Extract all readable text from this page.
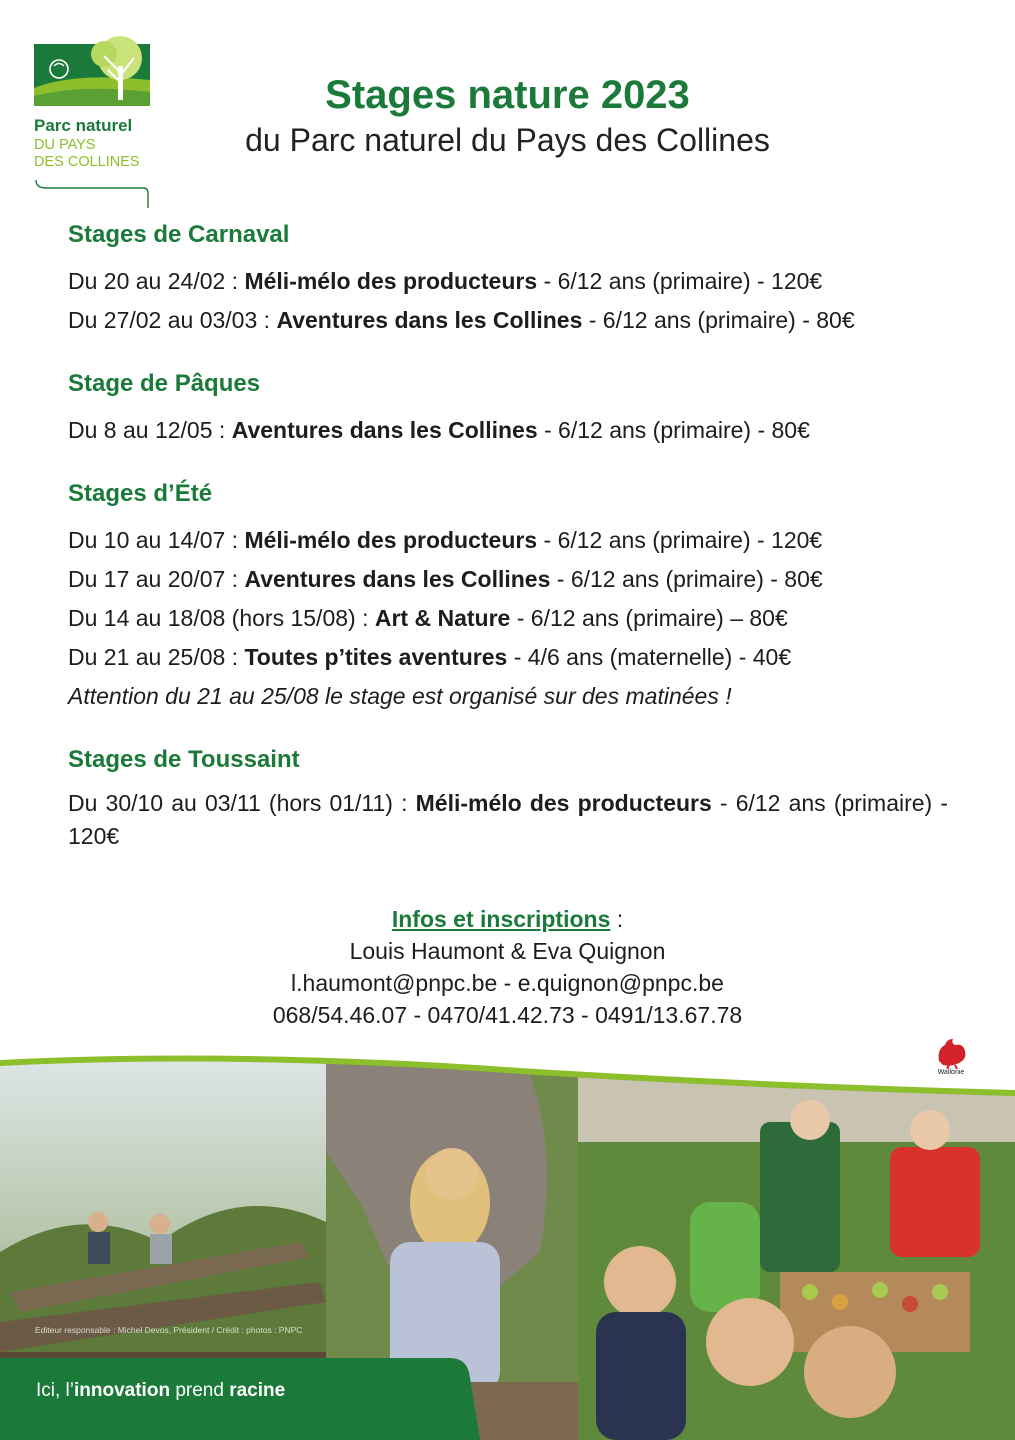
Parc naturel
DU PAYS
DES COLLINES
Stages nature 2023
du Parc naturel du Pays des Collines
Stages de Carnaval
Du 20 au 24/02 : Méli-mélo des producteurs - 6/12 ans (primaire) - 120€
Du 27/02 au 03/03 : Aventures dans les Collines - 6/12 ans (primaire) - 80€
Stage de Pâques
Du 8 au 12/05 : Aventures dans les Collines - 6/12 ans (primaire) - 80€
Stages d’Été
Du 10 au 14/07 : Méli-mélo des producteurs - 6/12 ans (primaire) - 120€
Du 17 au 20/07 : Aventures dans les Collines - 6/12 ans (primaire) - 80€
Du 14 au 18/08 (hors 15/08) : Art & Nature - 6/12 ans (primaire) – 80€
Du 21 au 25/08 : Toutes p’tites aventures - 4/6 ans (maternelle) - 40€
Attention du 21 au 25/08 le stage est organisé sur des matinées !
Stages de Toussaint
Du 30/10 au 03/11 (hors 01/11) : Méli-mélo des producteurs - 6/12 ans (primaire) - 120€
Infos et inscriptions :
Louis Haumont & Eva Quignon
l.haumont@pnpc.be - e.quignon@pnpc.be
068/54.46.07 - 0470/41.42.73 - 0491/13.67.78
Editeur responsable : Michel Devos, Président / Crédit : photos : PNPC
Wallonie
Ici, l’innovation prend racine
